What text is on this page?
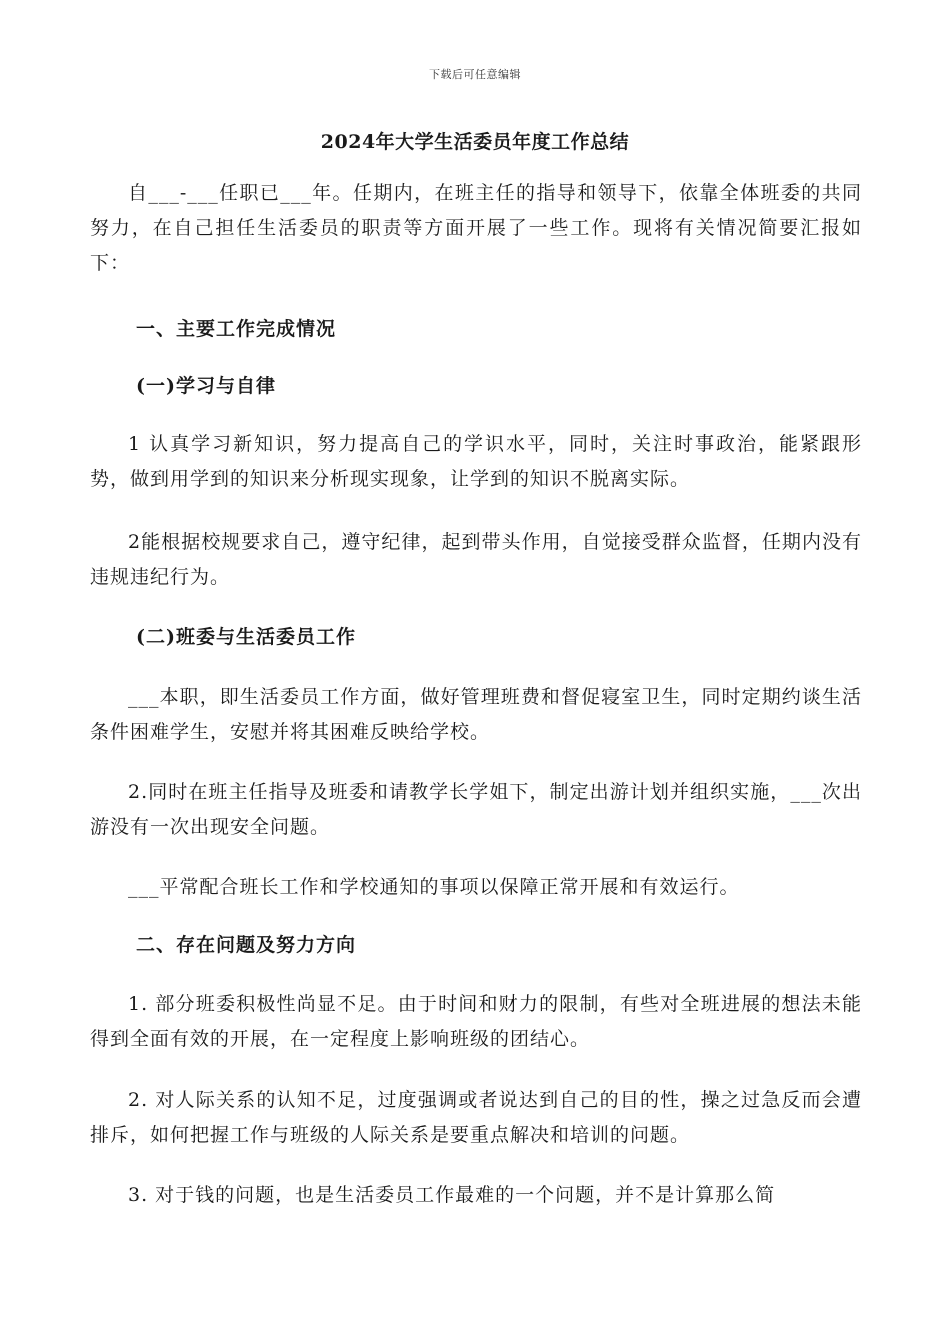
下载后可任意编辑
2024年大学生活委员年度工作总结

自___-___任职已___年。任期内，在班主任的指导和领导下，依靠全体班委的共同努力，在自己担任生活委员的职责等方面开展了一些工作。现将有关情况简要汇报如下：

一、主要工作完成情况

(一)学习与自律

1 认真学习新知识，努力提高自己的学识水平，同时，关注时事政治，能紧跟形势，做到用学到的知识来分析现实现象，让学到的知识不脱离实际。

2能根据校规要求自己，遵守纪律，起到带头作用，自觉接受群众监督，任期内没有违规违纪行为。

(二)班委与生活委员工作

___本职，即生活委员工作方面，做好管理班费和督促寝室卫生，同时定期约谈生活条件困难学生，安慰并将其困难反映给学校。

2.同时在班主任指导及班委和请教学长学姐下，制定出游计划并组织实施，___次出游没有一次出现安全问题。

___平常配合班长工作和学校通知的事项以保障正常开展和有效运行。

二、存在问题及努力方向

1. 部分班委积极性尚显不足。由于时间和财力的限制，有些对全班进展的想法未能得到全面有效的开展，在一定程度上影响班级的团结心。

2. 对人际关系的认知不足，过度强调或者说达到自己的目的性，操之过急反而会遭排斥，如何把握工作与班级的人际关系是要重点解决和培训的问题。

3. 对于钱的问题，也是生活委员工作最难的一个问题，并不是计算那么简
